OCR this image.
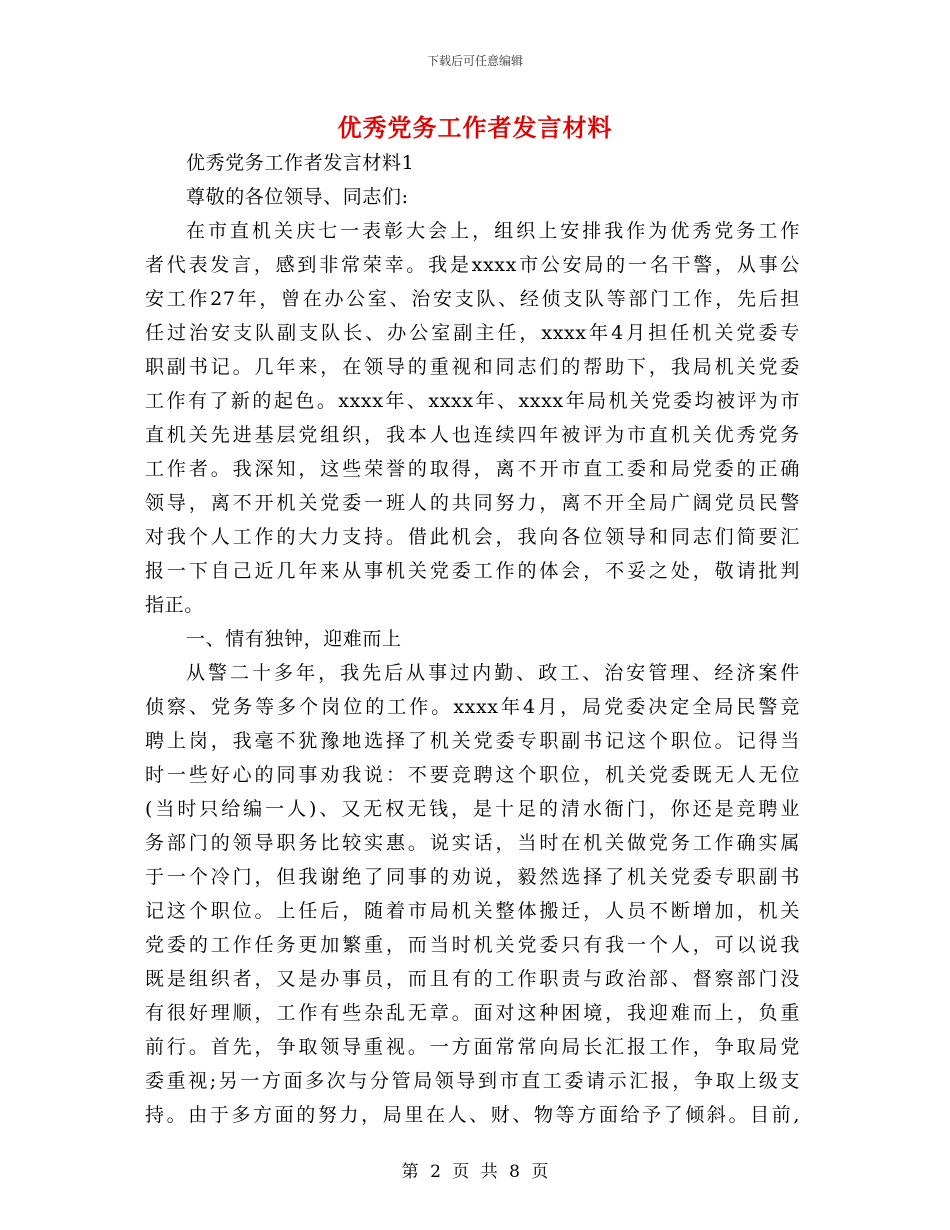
下载后可任意编辑
优秀党务工作者发言材料
优秀党务工作者发言材料1
尊敬的各位领导、同志们:
在市直机关庆七一表彰大会上，组织上安排我作为优秀党务工作
者代表发言，感到非常荣幸。我是xxxx市公安局的一名干警，从事公
安工作27年，曾在办公室、治安支队、经侦支队等部门工作，先后担
任过治安支队副支队长、办公室副主任，xxxx年4月担任机关党委专
职副书记。几年来，在领导的重视和同志们的帮助下，我局机关党委
工作有了新的起色。xxxx年、xxxx年、xxxx年局机关党委均被评为市
直机关先进基层党组织，我本人也连续四年被评为市直机关优秀党务
工作者。我深知，这些荣誉的取得，离不开市直工委和局党委的正确
领导，离不开机关党委一班人的共同努力，离不开全局广阔党员民警
对我个人工作的大力支持。借此机会，我向各位领导和同志们简要汇
报一下自己近几年来从事机关党委工作的体会，不妥之处，敬请批判
指正。
一、情有独钟，迎难而上
从警二十多年，我先后从事过内勤、政工、治安管理、经济案件
侦察、党务等多个岗位的工作。xxxx年4月，局党委决定全局民警竞
聘上岗，我毫不犹豫地选择了机关党委专职副书记这个职位。记得当
时一些好心的同事劝我说：不要竞聘这个职位，机关党委既无人无位
(当时只给编一人)、又无权无钱，是十足的清水衙门，你还是竞聘业
务部门的领导职务比较实惠。说实话，当时在机关做党务工作确实属
于一个冷门，但我谢绝了同事的劝说，毅然选择了机关党委专职副书
记这个职位。上任后，随着市局机关整体搬迁，人员不断增加，机关
党委的工作任务更加繁重，而当时机关党委只有我一个人，可以说我
既是组织者，又是办事员，而且有的工作职责与政治部、督察部门没
有很好理顺，工作有些杂乱无章。面对这种困境，我迎难而上，负重
前行。首先，争取领导重视。一方面常常向局长汇报工作，争取局党
委重视;另一方面多次与分管局领导到市直工委请示汇报，争取上级支
持。由于多方面的努力，局里在人、财、物等方面给予了倾斜。目前,
第 2 页 共 8 页
